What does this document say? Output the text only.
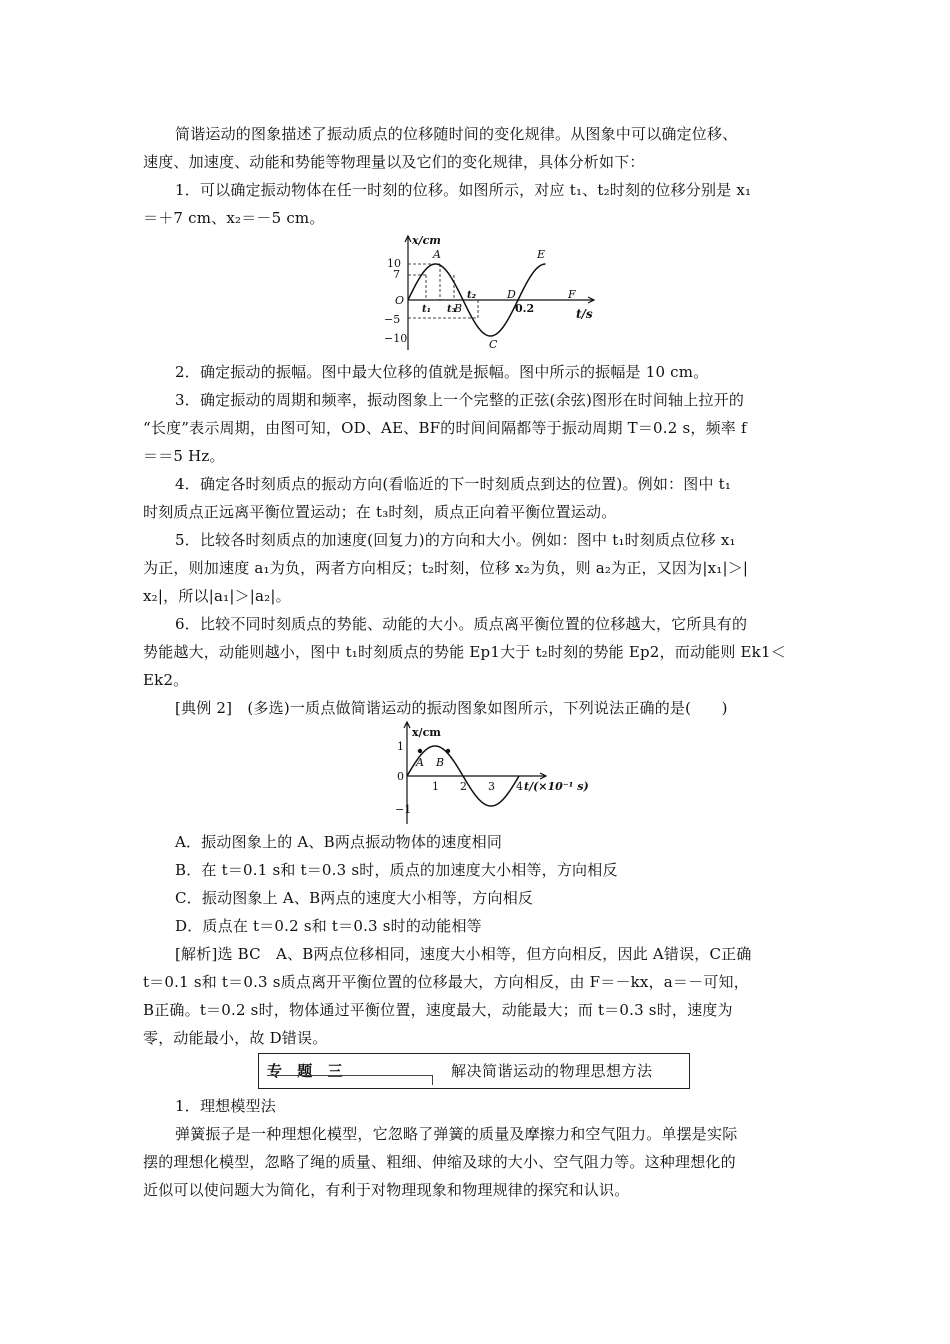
简谐运动的图象描述了振动质点的位移随时间的变化规律。从图象中可以确定位移、
速度、加速度、动能和势能等物理量以及它们的变化规律，具体分析如下：
1．可以确定振动物体在任一时刻的位移。如图所示，对应 t₁、t₂时刻的位移分别是 x₁
＝＋7 cm、x₂＝－5 cm。
x/cm
10
7
O
−5
−10
A
B
C
D
E
F
t₁ t₃
t₂
0.2	t/s
2．确定振动的振幅。图中最大位移的值就是振幅。图中所示的振幅是 10 cm。
3．确定振动的周期和频率，振动图象上一个完整的正弦(余弦)图形在时间轴上拉开的
“长度”表示周期，由图可知，OD、AE、BF的时间间隔都等于振动周期 T＝0.2 s，频率 f
＝＝5 Hz。
4．确定各时刻质点的振动方向(看临近的下一时刻质点到达的位置)。例如：图中 t₁
时刻质点正远离平衡位置运动；在 t₃时刻，质点正向着平衡位置运动。
5．比较各时刻质点的加速度(回复力)的方向和大小。例如：图中 t₁时刻质点位移 x₁
为正，则加速度 a₁为负，两者方向相反；t₂时刻，位移 x₂为负，则 a₂为正，又因为|x₁|＞|
x₂|，所以|a₁|＞|a₂|。
6．比较不同时刻质点的势能、动能的大小。质点离平衡位置的位移越大，它所具有的
势能越大，动能则越小，图中 t₁时刻质点的势能 Ep1大于 t₂时刻的势能 Ep2，而动能则 Ek1＜
Ek2。
[典例 2]　(多选)一质点做简谐运动的振动图象如图所示，下列说法正确的是(　　)
x/cm
1
0
−1
A B
1 2 3 4 t/(×10⁻¹ s)
A．振动图象上的 A、B两点振动物体的速度相同
B．在 t＝0.1 s和 t＝0.3 s时，质点的加速度大小相等，方向相反
C．振动图象上 A、B两点的速度大小相等，方向相反
D．质点在 t＝0.2 s和 t＝0.3 s时的动能相等
[解析]选 BC　A、B两点位移相同，速度大小相等，但方向相反，因此 A错误，C正确
t＝0.1 s和 t＝0.3 s质点离开平衡位置的位移最大，方向相反，由 F＝－kx，a＝－可知，
B正确。t＝0.2 s时，物体通过平衡位置，速度最大，动能最大；而 t＝0.3 s时，速度为
零，动能最小，故 D错误。
专 题 三	解决简谐运动的物理思想方法
1．理想模型法
弹簧振子是一种理想化模型，它忽略了弹簧的质量及摩擦力和空气阻力。单摆是实际
摆的理想化模型，忽略了绳的质量、粗细、伸缩及球的大小、空气阻力等。这种理想化的
近似可以使问题大为简化，有利于对物理现象和物理规律的探究和认识。
